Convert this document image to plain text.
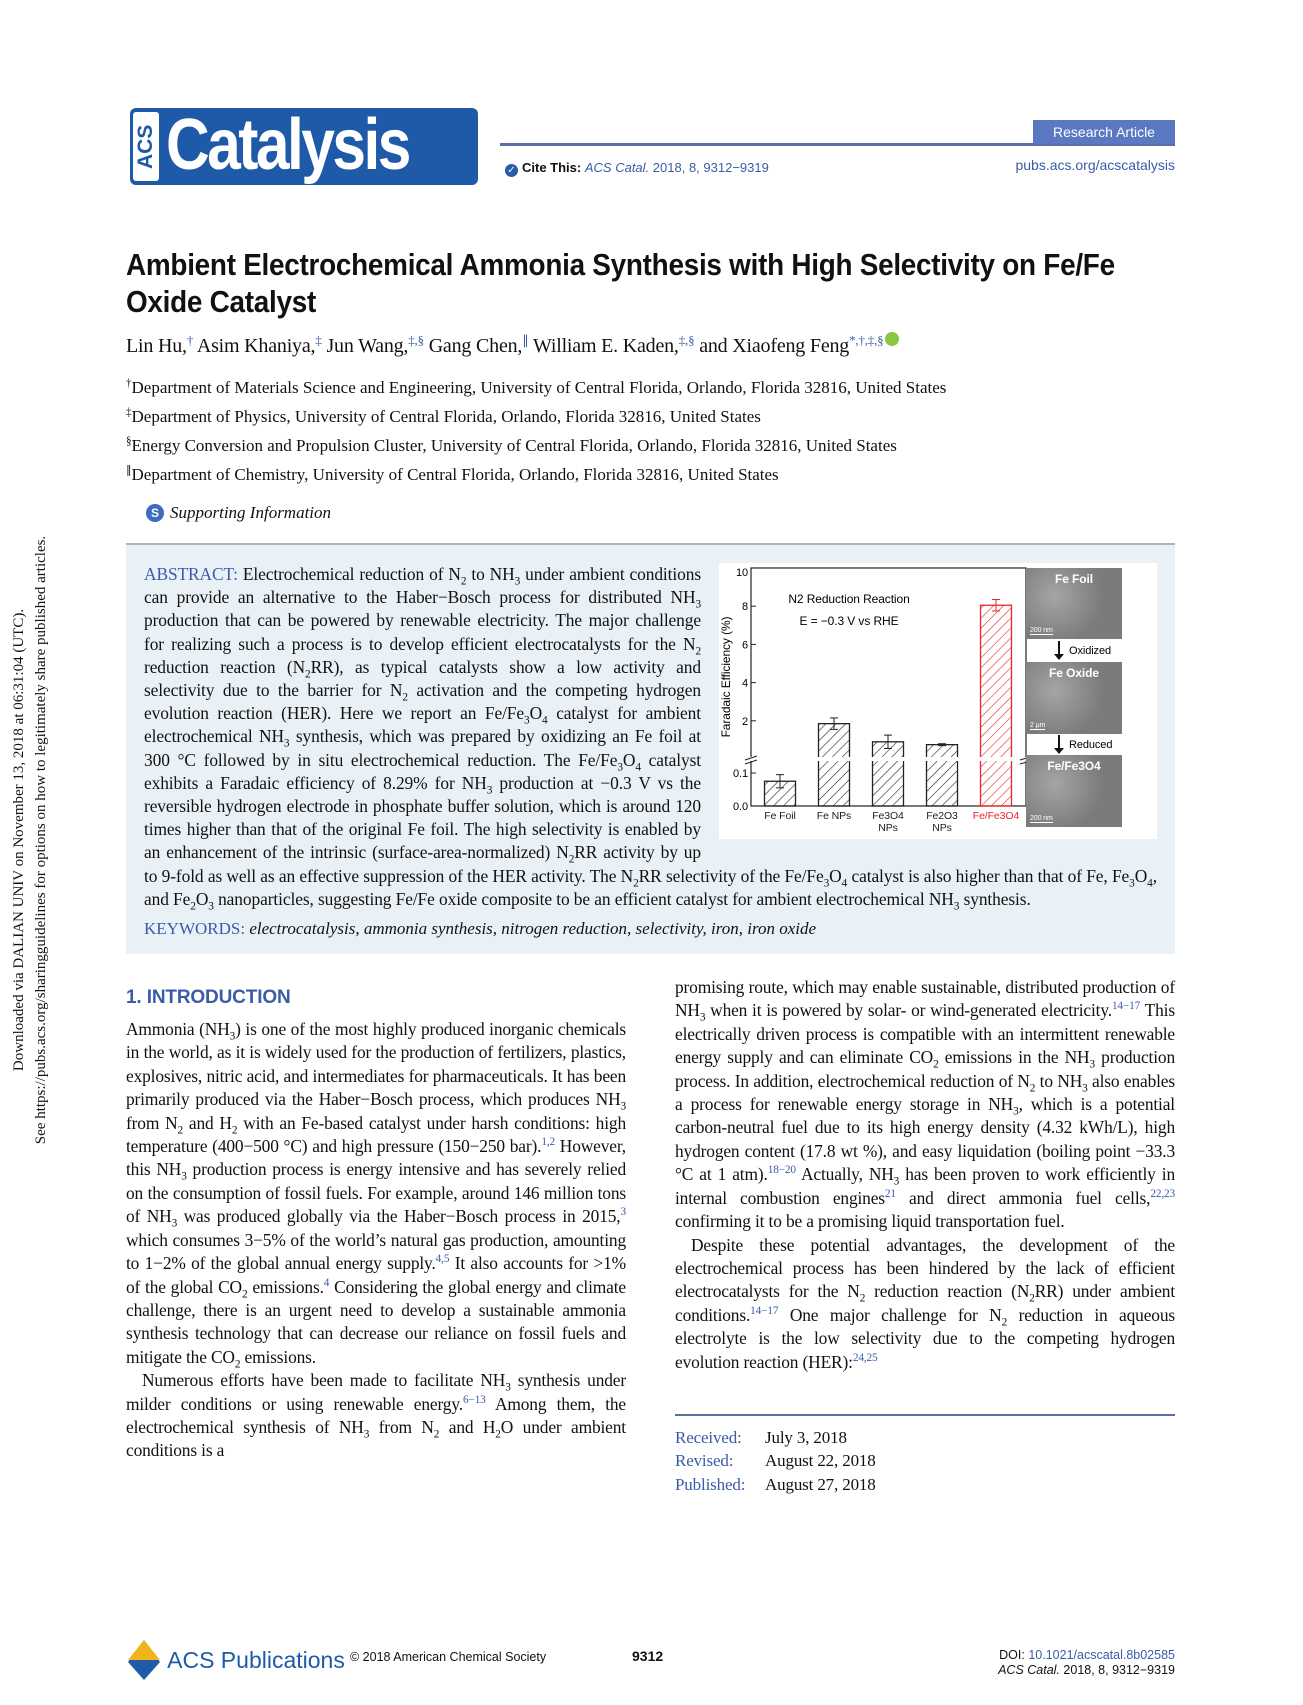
Downloaded via DALIAN UNIV on November 13, 2018 at 06:31:04 (UTC). See https://pubs.acs.org/sharingguidelines for options on how to legitimately share published articles.
ACS Catalysis	Research Article
✓ Cite This: ACS Catal. 2018, 8, 9312−9319	pubs.acs.org/acscatalysis
Ambient Electrochemical Ammonia Synthesis with High Selectivity on Fe/Fe Oxide Catalyst
Lin Hu,† Asim Khaniya,‡ Jun Wang,‡,§ Gang Chen,∥ William E. Kaden,‡,§ and Xiaofeng Feng*,†,‡,§
†Department of Materials Science and Engineering, University of Central Florida, Orlando, Florida 32816, United States
‡Department of Physics, University of Central Florida, Orlando, Florida 32816, United States
§Energy Conversion and Propulsion Cluster, University of Central Florida, Orlando, Florida 32816, United States
∥Department of Chemistry, University of Central Florida, Orlando, Florida 32816, United States
S Supporting Information
2
4
6
8
10
0.0
0.1
Faradaic Efficiency (%)
N2 Reduction Reaction
E = −0.3 V vs RHE
Fe Foil Fe NPs Fe3O4
NPs
Fe2O3
NPs
Fe/Fe3O4
Oxidized
Reduced
Fe Foil
200 nm
Fe Oxide
2 μm
Fe/Fe3O4
200 nm
ABSTRACT: Electrochemical reduction of $N_2$ to $NH_3$ under ambient conditions can provide an alternative to the Haber−Bosch process for distributed $NH_3$ production that can be powered by renewable electricity. The major challenge for realizing such a process is to develop efficient electrocatalysts for the $N_2$ reduction reaction $(N_2RR)$, as typical catalysts show a low activity and selectivity due to the barrier for $N_2$ activation and the competing hydrogen evolution reaction (HER). Here we report an $Fe/Fe_3O_4$ catalyst for ambient electrochemical $NH_3$ synthesis, which was prepared by oxidizing an Fe foil at 300 °C followed by in situ electrochemical reduction. The $Fe/Fe_3O_4$ catalyst exhibits a Faradaic efficiency of 8.29% for $NH_3$ production at −0.3 V vs the reversible hydrogen electrode in phosphate buffer solution, which is around 120 times higher than that of the original Fe foil. The high selectivity is enabled by an enhancement of the intrinsic (surface-area-normalized) $N_2RR$ activity by up to 9-fold as well as an effective suppression of the HER activity. The $N_2RR$ selectivity of the $Fe/Fe_3O_4$ catalyst is also higher than that of Fe, $Fe_3O_4$, and $Fe_2O_3$ nanoparticles, suggesting Fe/Fe oxide composite to be an efficient catalyst for ambient electrochemical $NH_3$ synthesis.
KEYWORDS: electrocatalysis, ammonia synthesis, nitrogen reduction, selectivity, iron, iron oxide
1. INTRODUCTION

Ammonia $(NH_3)$ is one of the most highly produced inorganic chemicals in the world, as it is widely used for the production of fertilizers, plastics, explosives, nitric acid, and intermediates for pharmaceuticals. It has been primarily produced via the Haber−Bosch process, which produces $NH_3$ from $N_2$ and $H_2$ with an Fe-based catalyst under harsh conditions: high temperature (400−500 °C) and high pressure (150−250 bar).$^{1,2}$ However, this $NH_3$ production process is energy intensive and has severely relied on the consumption of fossil fuels. For example, around 146 million tons of $NH_3$ was produced globally via the Haber−Bosch process in 2015,$^3$ which consumes 3−5% of the world’s natural gas production, amounting to 1−2% of the global annual energy supply.$^{4,5}$ It also accounts for >1% of the global $CO_2$ emissions.$^4$ Considering the global energy and climate challenge, there is an urgent need to develop a sustainable ammonia synthesis technology that can decrease our reliance on fossil fuels and mitigate the $CO_2$ emissions.

Numerous efforts have been made to facilitate $NH_3$ synthesis under milder conditions or using renewable energy.$^{6-13}$ Among them, the electrochemical synthesis of $NH_3$ from $N_2$ and $H_2O$ under ambient conditions is a

promising route, which may enable sustainable, distributed production of $NH_3$ when it is powered by solar- or wind-generated electricity.$^{14-17}$ This electrically driven process is compatible with an intermittent renewable energy supply and can eliminate $CO_2$ emissions in the $NH_3$ production process. In addition, electrochemical reduction of $N_2$ to $NH_3$ also enables a process for renewable energy storage in $NH_3$, which is a potential carbon-neutral fuel due to its high energy density (4.32 kWh/L), high hydrogen content (17.8 wt %), and easy liquidation (boiling point −33.3 °C at 1 atm).$^{18-20}$ Actually, $NH_3$ has been proven to work efficiently in internal combustion engines$^{21}$ and direct ammonia fuel cells,$^{22,23}$ confirming it to be a promising liquid transportation fuel.

Despite these potential advantages, the development of the electrochemical process has been hindered by the lack of efficient electrocatalysts for the $N_2$ reduction reaction $(N_2RR)$ under ambient conditions.$^{14-17}$ One major challenge for $N_2$ reduction in aqueous electrolyte is the low selectivity due to the competing hydrogen evolution reaction (HER):$^{24,25}$

Received: July 3, 2018
Revised: August 22, 2018
Published: August 27, 2018
ACS Publications © 2018 American Chemical Society	9312	DOI: 10.1021/acscatal.8b02585
ACS Catal. 2018, 8, 9312−9319
